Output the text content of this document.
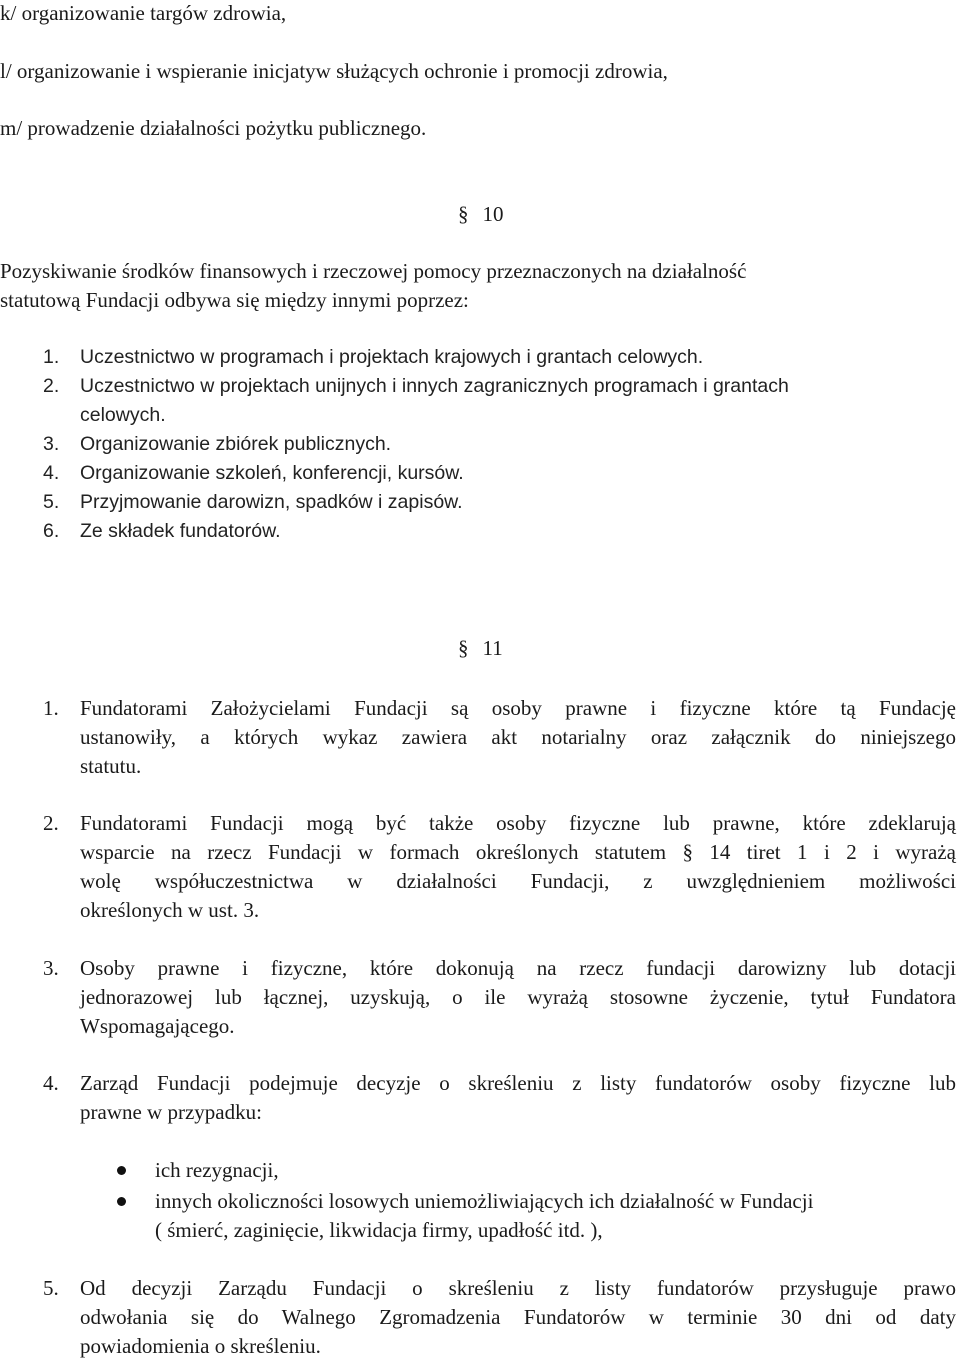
k/ organizowanie targów zdrowia,
l/ organizowanie i wspieranie inicjatyw służących ochronie i promocji zdrowia,
m/ prowadzenie działalności pożytku publicznego.
§ 10
Pozyskiwanie środków finansowych i rzeczowej pomocy przeznaczonych na działalność
statutową Fundacji odbywa się między innymi poprzez:
1. Uczestnictwo w programach i projektach krajowych i grantach celowych.
2. Uczestnictwo w projektach unijnych i innych zagranicznych programach i grantach
celowych.
3. Organizowanie zbiórek publicznych.
4. Organizowanie szkoleń, konferencji, kursów.
5. Przyjmowanie darowizn, spadków i zapisów.
6. Ze składek fundatorów.
§ 11
1. Fundatorami Założycielami Fundacji są osoby prawne i fizyczne które tą Fundację
ustanowiły, a których wykaz zawiera akt notarialny oraz załącznik do niniejszego
statutu.
2. Fundatorami Fundacji mogą być także osoby fizyczne lub prawne, które zdeklarują
wsparcie na rzecz Fundacji w formach określonych statutem § 14 tiret 1 i 2 i wyrażą
wolę współuczestnictwa w działalności Fundacji, z uwzględnieniem możliwości
określonych w ust. 3.
3. Osoby prawne i fizyczne, które dokonują na rzecz fundacji darowizny lub dotacji
jednorazowej lub łącznej, uzyskują, o ile wyrażą stosowne życzenie, tytuł Fundatora
Wspomagającego.
4. Zarząd Fundacji podejmuje decyzje o skreśleniu z listy fundatorów osoby fizyczne lub
prawne w przypadku:
ich rezygnacji,
innych okoliczności losowych uniemożliwiających ich działalność w Fundacji
( śmierć, zaginięcie, likwidacja firmy, upadłość itd. ),
5. Od decyzji Zarządu Fundacji o skreśleniu z listy fundatorów przysługuje prawo
odwołania się do Walnego Zgromadzenia Fundatorów w terminie 30 dni od daty
powiadomienia o skreśleniu.
